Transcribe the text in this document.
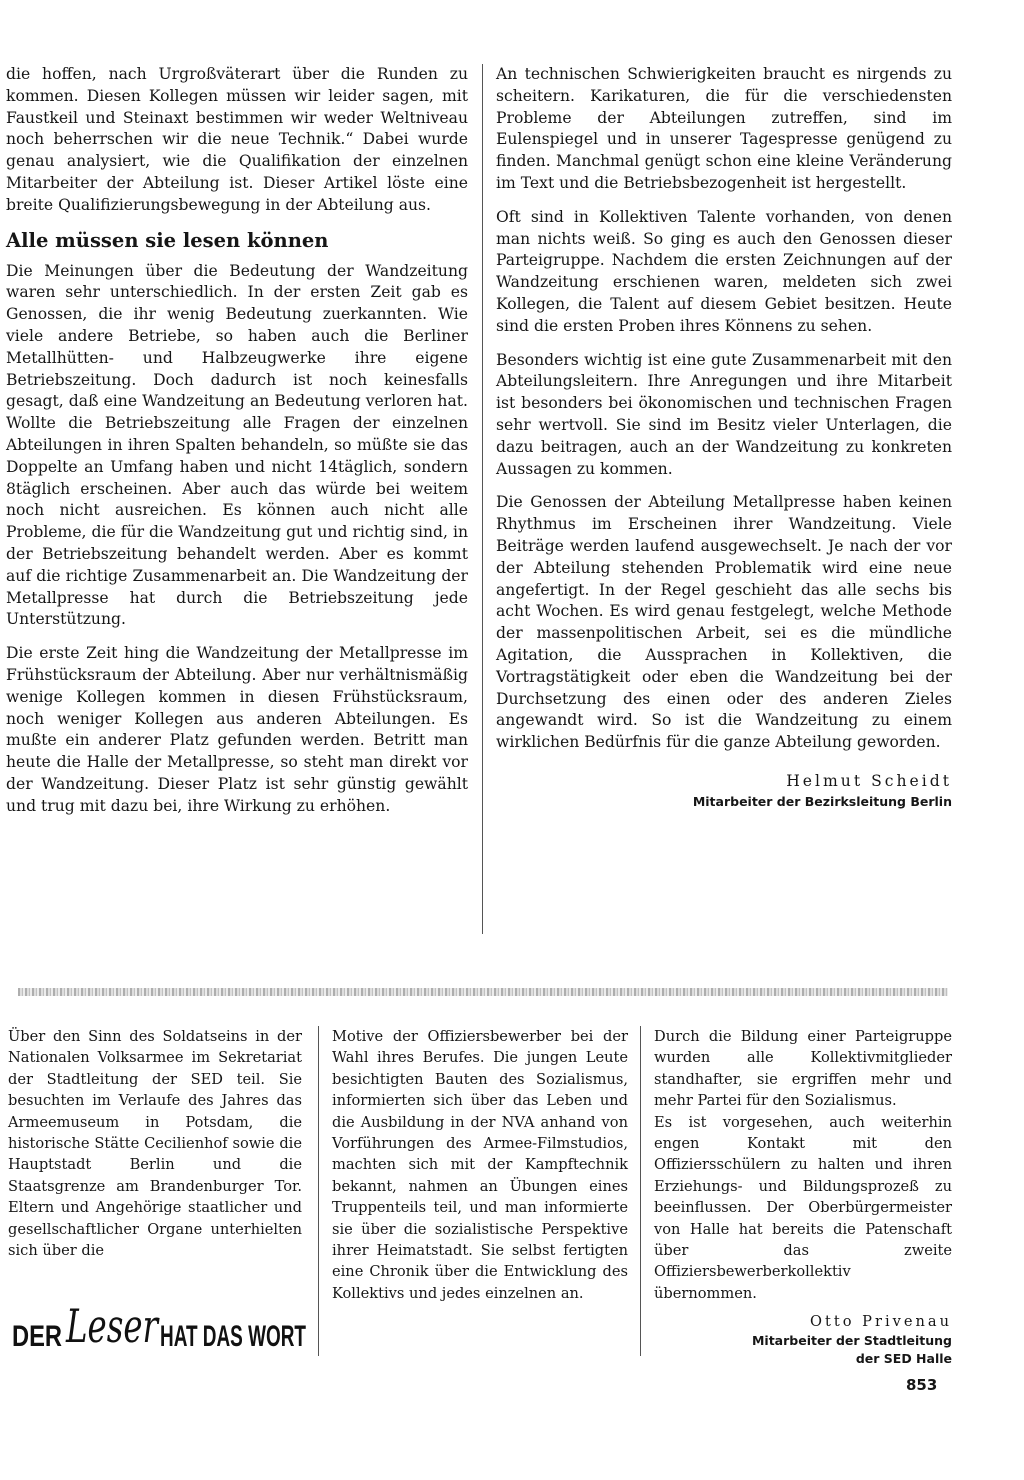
die hoffen, nach Urgroßväterart über die Runden zu kommen. Diesen Kollegen müssen wir leider sagen, mit Faustkeil und Steinaxt bestimmen wir weder Weltniveau noch beherrschen wir die neue Technik.“ Dabei wurde genau analysiert, wie die Qualifikation der einzelnen Mitarbeiter der Abteilung ist. Dieser Artikel löste eine breite Qualifizierungsbewegung in der Abteilung aus.

Alle müssen sie lesen können

Die Meinungen über die Bedeutung der Wandzeitung waren sehr unterschiedlich. In der ersten Zeit gab es Genossen, die ihr wenig Bedeutung zuerkannten. Wie viele andere Betriebe, so haben auch die Berliner Metallhütten- und Halbzeugwerke ihre eigene Betriebszeitung. Doch dadurch ist noch keinesfalls gesagt, daß eine Wandzeitung an Bedeutung verloren hat. Wollte die Betriebszeitung alle Fragen der einzelnen Abteilungen in ihren Spalten behandeln, so müßte sie das Doppelte an Umfang haben und nicht 14täglich, sondern 8täglich erscheinen. Aber auch das würde bei weitem noch nicht ausreichen. Es können auch nicht alle Probleme, die für die Wandzeitung gut und richtig sind, in der Betriebszeitung behandelt werden. Aber es kommt auf die richtige Zusammenarbeit an. Die Wandzeitung der Metallpresse hat durch die Betriebszeitung jede Unterstützung.

Die erste Zeit hing die Wandzeitung der Metallpresse im Frühstücksraum der Abteilung. Aber nur verhältnismäßig wenige Kollegen kommen in diesen Frühstücksraum, noch weniger Kollegen aus anderen Abteilungen. Es mußte ein anderer Platz gefunden werden. Betritt man heute die Halle der Metallpresse, so steht man direkt vor der Wandzeitung. Dieser Platz ist sehr günstig gewählt und trug mit dazu bei, ihre Wirkung zu erhöhen.

An technischen Schwierigkeiten braucht es nirgends zu scheitern. Karikaturen, die für die verschiedensten Probleme der Abteilungen zutreffen, sind im Eulenspiegel und in unserer Tagespresse genügend zu finden. Manchmal genügt schon eine kleine Veränderung im Text und die Betriebsbezogenheit ist hergestellt.

Oft sind in Kollektiven Talente vorhanden, von denen man nichts weiß. So ging es auch den Genossen dieser Parteigruppe. Nachdem die ersten Zeichnungen auf der Wandzeitung erschienen waren, meldeten sich zwei Kollegen, die Talent auf diesem Gebiet besitzen. Heute sind die ersten Proben ihres Könnens zu sehen.

Besonders wichtig ist eine gute Zusammenarbeit mit den Abteilungsleitern. Ihre Anregungen und ihre Mitarbeit ist besonders bei ökonomischen und technischen Fragen sehr wertvoll. Sie sind im Besitz vieler Unterlagen, die dazu beitragen, auch an der Wandzeitung zu konkreten Aussagen zu kommen.

Die Genossen der Abteilung Metallpresse haben keinen Rhythmus im Erscheinen ihrer Wandzeitung. Viele Beiträge werden laufend ausgewechselt. Je nach der vor der Abteilung stehenden Problematik wird eine neue angefertigt. In der Regel geschieht das alle sechs bis acht Wochen. Es wird genau festgelegt, welche Methode der massenpolitischen Arbeit, sei es die mündliche Agitation, die Aussprachen in Kollektiven, die Vortragstätigkeit oder eben die Wandzeitung bei der Durchsetzung des einen oder des anderen Zieles angewandt wird. So ist die Wandzeitung zu einem wirklichen Bedürfnis für die ganze Abteilung geworden.

Helmut Scheidt
Mitarbeiter der Bezirksleitung Berlin

Über den Sinn des Soldatseins in der Nationalen Volksarmee im Sekretariat der Stadtleitung der SED teil. Sie besuchten im Verlaufe des Jahres das Armeemuseum in Potsdam, die historische Stätte Cecilienhof sowie die Hauptstadt Berlin und die Staatsgrenze am Brandenburger Tor. Eltern und Angehörige staatlicher und gesellschaftlicher Organe unterhielten sich über die

Motive der Offiziersbewerber bei der Wahl ihres Berufes. Die jungen Leute besichtigten Bauten des Sozialismus, informierten sich über das Leben und die Ausbildung in der NVA anhand von Vorführungen des Armee-Filmstudios, machten sich mit der Kampftechnik bekannt, nahmen an Übungen eines Truppenteils teil, und man informierte sie über die sozialistische Perspektive ihrer Heimatstadt. Sie selbst fertigten eine Chronik über die Entwicklung des Kollektivs und jedes einzelnen an.

Durch die Bildung einer Parteigruppe wurden alle Kollektivmitglieder standhafter, sie ergriffen mehr und mehr Partei für den Sozialismus.

Es ist vorgesehen, auch weiterhin engen Kontakt mit den Offiziersschülern zu halten und ihren Erziehungs- und Bildungsprozeß zu beeinflussen. Der Oberbürgermeister von Halle hat bereits die Patenschaft über das zweite Offiziersbewerberkollektiv übernommen.

Otto Privenau
Mitarbeiter der Stadtleitung
der SED Halle
DER Leser HAT DAS WORT
853
